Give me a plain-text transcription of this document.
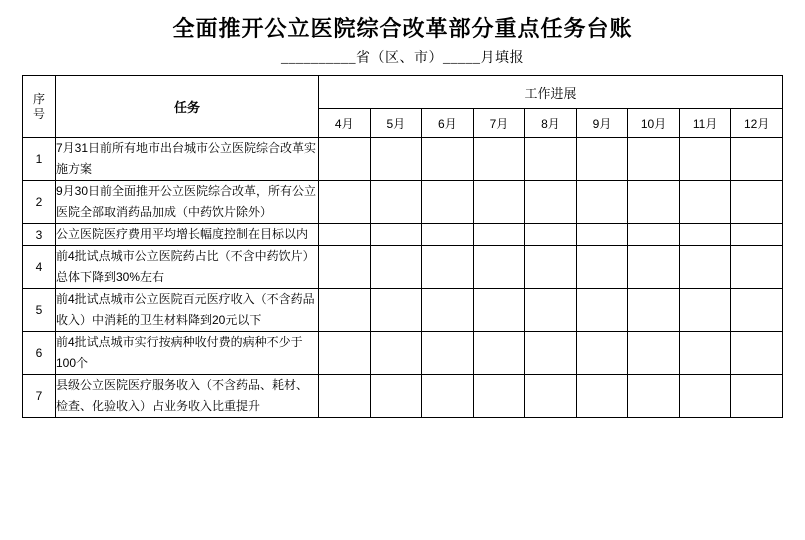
全面推开公立医院综合改革部分重点任务台账
__________省（区、市）_____月填报
序
号	任务	工作进展								
		4月	5月	6月	7月	8月	9月	10月	11月	12月
1	7月31日前所有地市出台城市公立医院综合改革实施方案									
2	9月30日前全面推开公立医院综合改革，所有公立医院全部取消药品加成（中药饮片除外）									
3	公立医院医疗费用平均增长幅度控制在目标以内									
4	前4批试点城市公立医院药占比（不含中药饮片）总体下降到30%左右									
5	前4批试点城市公立医院百元医疗收入（不含药品收入）中消耗的卫生材料降到20元以下									
6	前4批试点城市实行按病种收付费的病种不少于100个									
7	县级公立医院医疗服务收入（不含药品、耗材、检查、化验收入）占业务收入比重提升									
